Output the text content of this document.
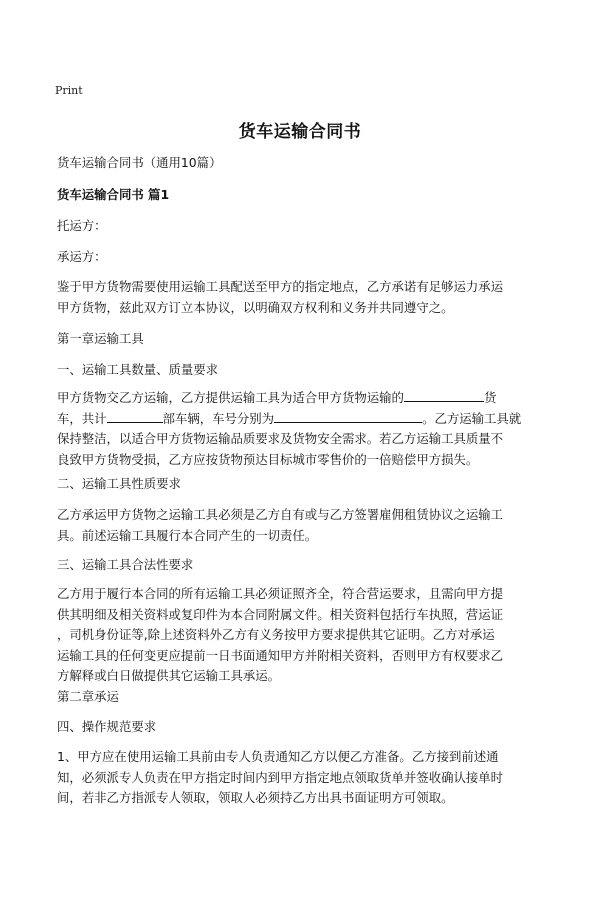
Print
货车运输合同书
货车运输合同书（通用10篇）
货车运输合同书 篇1
托运方：
承运方：
鉴于甲方货物需要使用运输工具配送至甲方的指定地点，乙方承诺有足够运力承运
甲方货物，兹此双方订立本协议，以明确双方权利和义务并共同遵守之。
第一章运输工具
一、运输工具数量、质量要求
甲方货物交乙方运输，乙方提供运输工具为适合甲方货物运输的	货
车，共计	部车辆，车号分别为	。乙方运输工具就
保持整洁，以适合甲方货物运输品质要求及货物安全需求。若乙方运输工具质量不
良致甲方货物受损，乙方应按货物预达目标城市零售价的一倍赔偿甲方损失。
二、运输工具性质要求
乙方承运甲方货物之运输工具必须是乙方自有或与乙方签署雇佣租赁协议之运输工
具。前述运输工具履行本合同产生的一切责任。
三、运输工具合法性要求
乙方用于履行本合同的所有运输工具必须证照齐全，符合营运要求，且需向甲方提
供其明细及相关资料或复印件为本合同附属文件。相关资料包括行车执照，营运证
，司机身份证等,除上述资料外乙方有义务按甲方要求提供其它证明。乙方对承运
运输工具的任何变更应提前一日书面通知甲方并附相关资料，否则甲方有权要求乙
方解释或白日做提供其它运输工具承运。
第二章承运
四、操作规范要求
1、甲方应在使用运输工具前由专人负责通知乙方以便乙方准备。乙方接到前述通
知，必须派专人负责在甲方指定时间内到甲方指定地点领取货单并签收确认接单时
间，若非乙方指派专人领取，领取人必须持乙方出具书面证明方可领取。
